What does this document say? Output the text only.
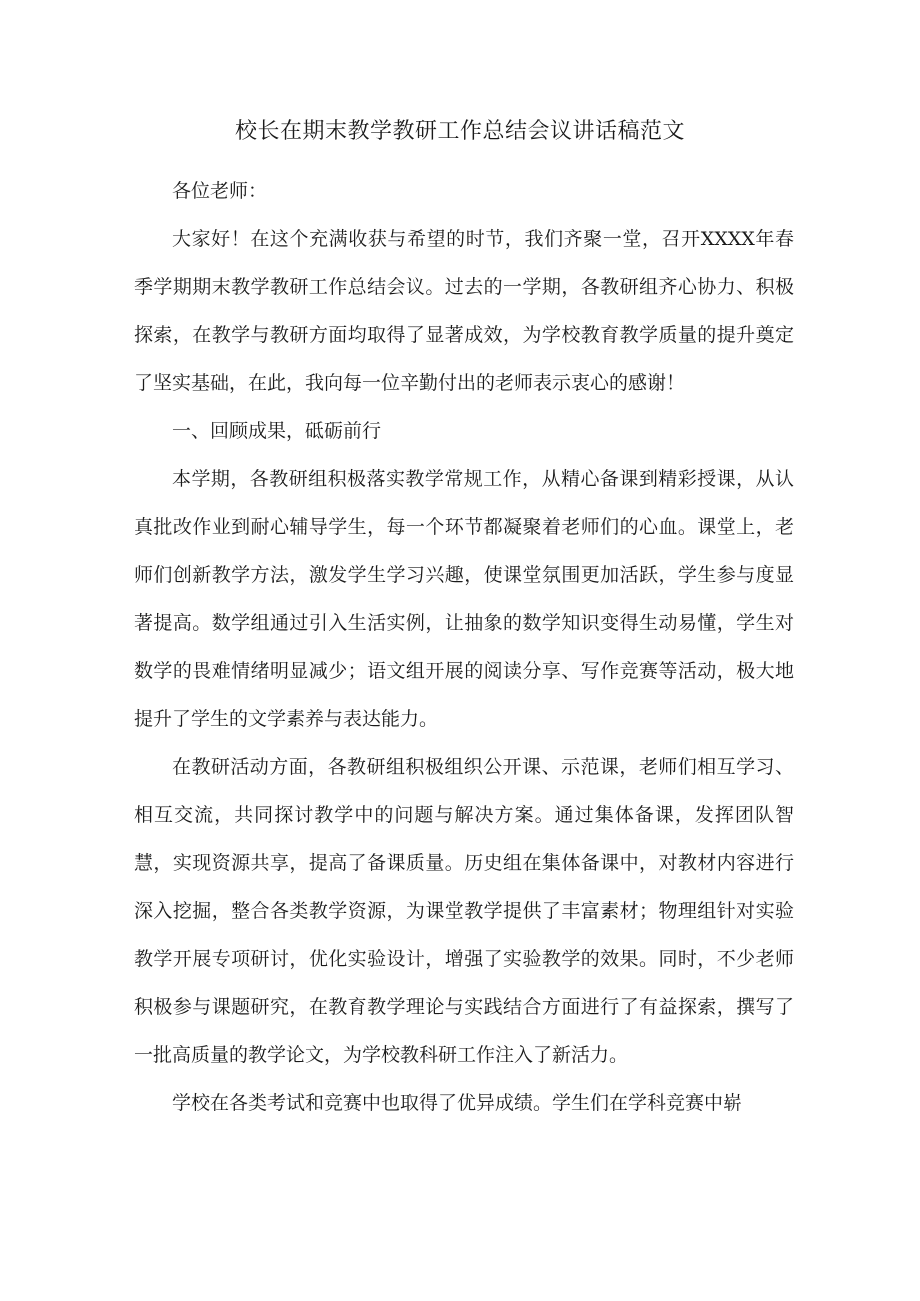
校长在期末教学教研工作总结会议讲话稿范文

各位老师：

大家好！在这个充满收获与希望的时节，我们齐聚一堂，召开XXXX年春季学期期末教学教研工作总结会议。过去的一学期，各教研组齐心协力、积极探索，在教学与教研方面均取得了显著成效，为学校教育教学质量的提升奠定了坚实基础，在此，我向每一位辛勤付出的老师表示衷心的感谢！

一、回顾成果，砥砺前行

本学期，各教研组积极落实教学常规工作，从精心备课到精彩授课，从认真批改作业到耐心辅导学生，每一个环节都凝聚着老师们的心血。课堂上，老师们创新教学方法，激发学生学习兴趣，使课堂氛围更加活跃，学生参与度显著提高。数学组通过引入生活实例，让抽象的数学知识变得生动易懂，学生对数学的畏难情绪明显减少；语文组开展的阅读分享、写作竞赛等活动，极大地提升了学生的文学素养与表达能力。

在教研活动方面，各教研组积极组织公开课、示范课，老师们相互学习、相互交流，共同探讨教学中的问题与解决方案。通过集体备课，发挥团队智慧，实现资源共享，提高了备课质量。历史组在集体备课中，对教材内容进行深入挖掘，整合各类教学资源，为课堂教学提供了丰富素材；物理组针对实验教学开展专项研讨，优化实验设计，增强了实验教学的效果。同时，不少老师积极参与课题研究，在教育教学理论与实践结合方面进行了有益探索，撰写了一批高质量的教学论文，为学校教科研工作注入了新活力。

学校在各类考试和竞赛中也取得了优异成绩。学生们在学科竞赛中崭
